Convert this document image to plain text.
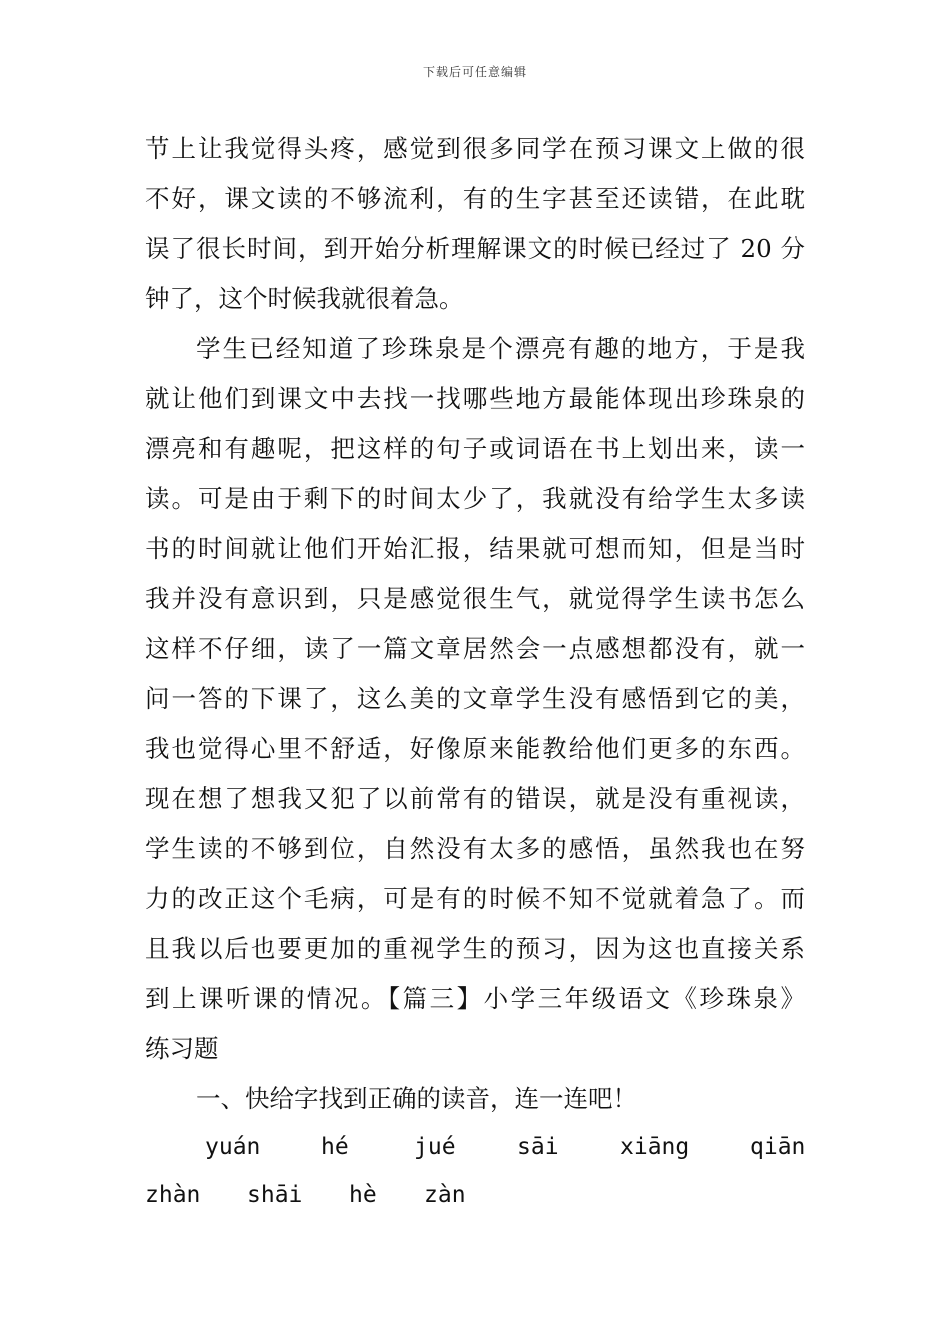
下载后可任意编辑
节上让我觉得头疼，感觉到很多同学在预习课文上做的很
不好，课文读的不够流利，有的生字甚至还读错，在此耽
误了很长时间，到开始分析理解课文的时候已经过了 20 分
钟了，这个时候我就很着急。
学生已经知道了珍珠泉是个漂亮有趣的地方，于是我
就让他们到课文中去找一找哪些地方最能体现出珍珠泉的
漂亮和有趣呢，把这样的句子或词语在书上划出来，读一
读。可是由于剩下的时间太少了，我就没有给学生太多读
书的时间就让他们开始汇报，结果就可想而知，但是当时
我并没有意识到，只是感觉很生气，就觉得学生读书怎么
这样不仔细，读了一篇文章居然会一点感想都没有，就一
问一答的下课了，这么美的文章学生没有感悟到它的美，
我也觉得心里不舒适，好像原来能教给他们更多的东西。
现在想了想我又犯了以前常有的错误，就是没有重视读，
学生读的不够到位，自然没有太多的感悟，虽然我也在努
力的改正这个毛病，可是有的时候不知不觉就着急了。而
且我以后也要更加的重视学生的预习，因为这也直接关系
到上课听课的情况。【篇三】小学三年级语文《珍珠泉》
练习题
一、快给字找到正确的读音，连一连吧！
yuán	hé	jué	sāi	xiāng	qiān
zhàn shāi hè zàn
